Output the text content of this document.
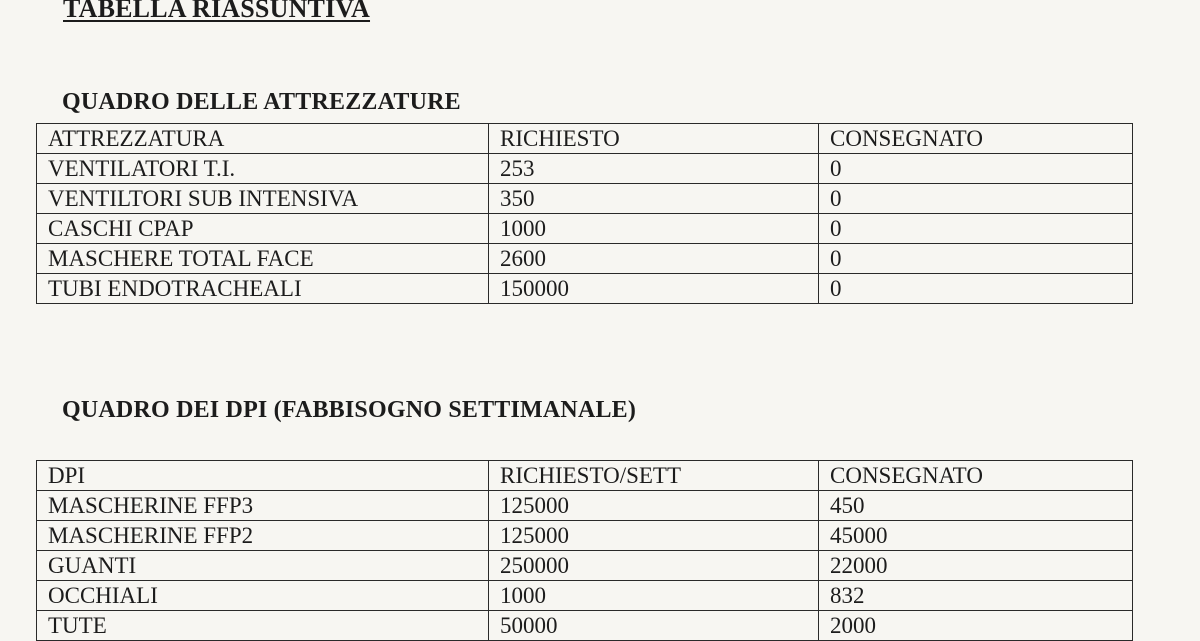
TABELLA RIASSUNTIVA
QUADRO DELLE ATTREZZATURE
ATTREZZATURA	RICHIESTO	CONSEGNATO
VENTILATORI T.I.	253	0
VENTILTORI SUB INTENSIVA	350	0
CASCHI CPAP	1000	0
MASCHERE TOTAL FACE	2600	0
TUBI ENDOTRACHEALI	150000	0
QUADRO DEI DPI (FABBISOGNO SETTIMANALE)
DPI	RICHIESTO/SETT	CONSEGNATO
MASCHERINE FFP3	125000	450
MASCHERINE FFP2	125000	45000
GUANTI	250000	22000
OCCHIALI	1000	832
TUTE	50000	2000
